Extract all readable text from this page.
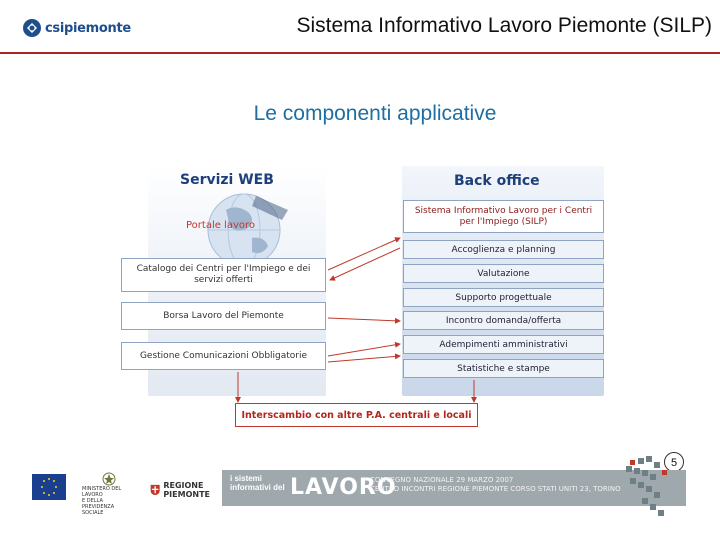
csipiemonte	Sistema Informativo Lavoro Piemonte (SILP)
Le componenti applicative
Servizi WEB	Back office
Portale lavoro
Catalogo dei Centri per l'Impiego e dei servizi offerti
Borsa Lavoro del Piemonte
Gestione Comunicazioni Obbligatorie
Sistema Informativo Lavoro per i Centri per l'Impiego (SILP)
Accoglienza e planning
Valutazione
Supporto progettuale
Incontro domanda/offerta
Adempimenti amministrativi
Statistiche e stampe
Interscambio con altre P.A. centrali e locali
5
MINISTERO DEL LAVORO
E DELLA PREVIDENZA SOCIALE
REGIONE
PIEMONTE
i sistemi
informativi del LAVORO
CONVEGNO NAZIONALE 29 MARZO 2007
CENTRO INCONTRI REGIONE PIEMONTE CORSO STATI UNITI 23, TORINO
